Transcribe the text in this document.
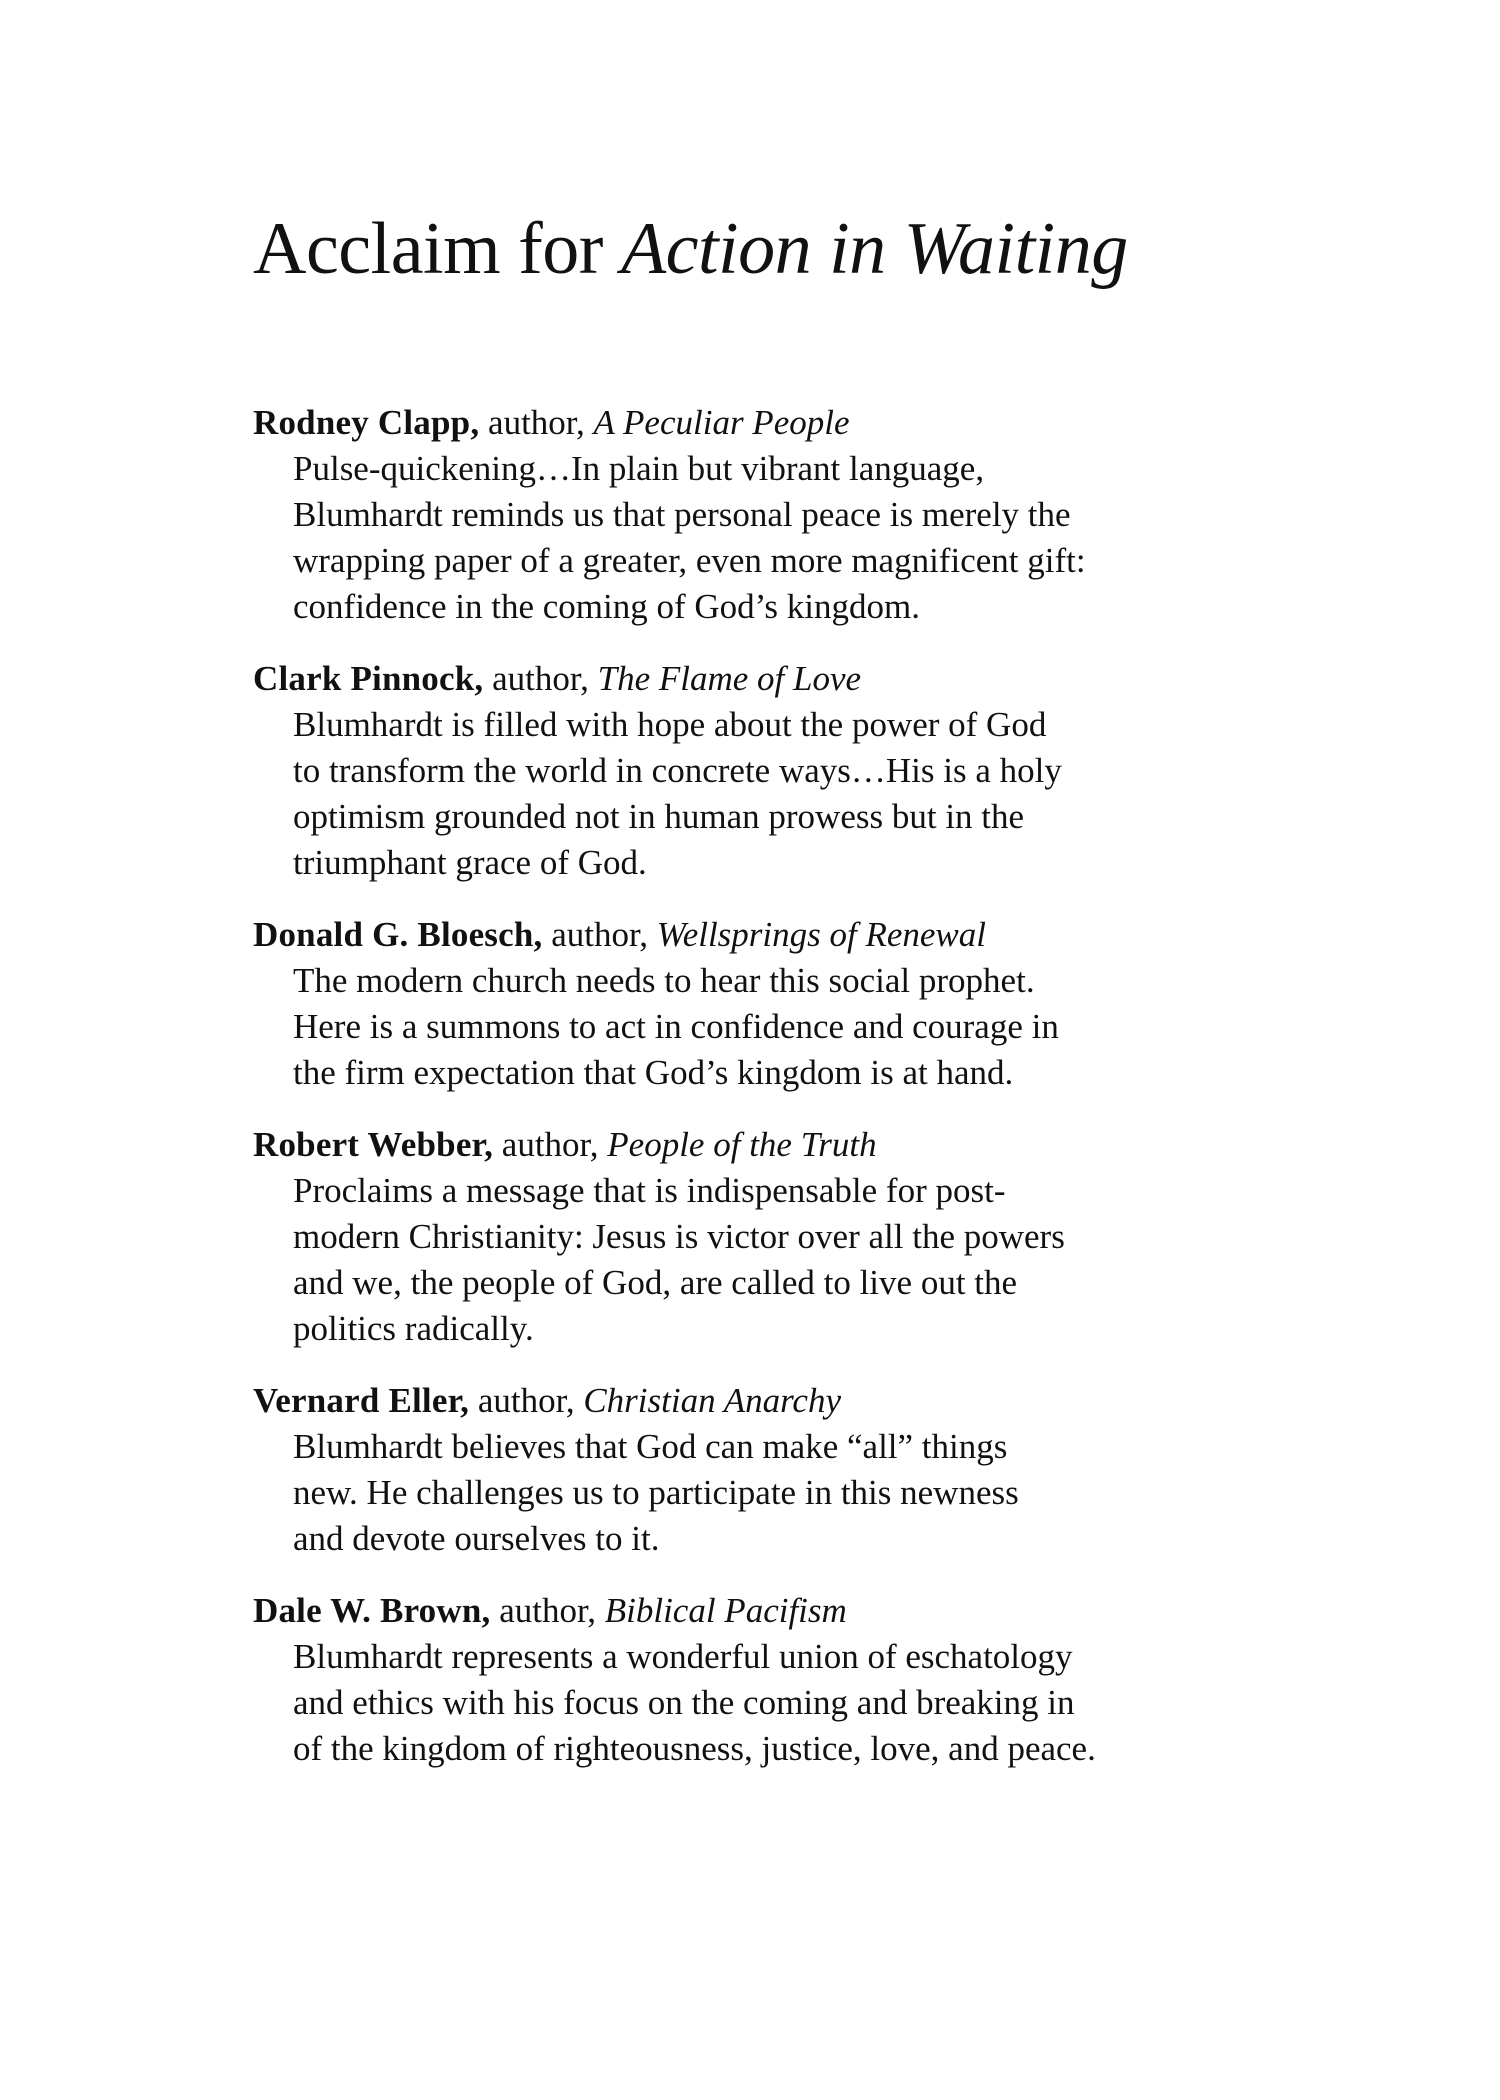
Acclaim for Action in Waiting
Rodney Clapp, author, A Peculiar People

Pulse-quickening…In plain but vibrant language,
Blumhardt reminds us that personal peace is merely the
wrapping paper of a greater, even more magnificent gift:
confidence in the coming of God’s kingdom.

Clark Pinnock, author, The Flame of Love

Blumhardt is filled with hope about the power of God
to transform the world in concrete ways…His is a holy
optimism grounded not in human prowess but in the
triumphant grace of God.

Donald G. Bloesch, author, Wellsprings of Renewal

The modern church needs to hear this social prophet.
Here is a summons to act in confidence and courage in
the firm expectation that God’s kingdom is at hand.

Robert Webber, author, People of the Truth

Proclaims a message that is indispensable for post-
modern Christianity: Jesus is victor over all the powers
and we, the people of God, are called to live out the
politics radically.

Vernard Eller, author, Christian Anarchy

Blumhardt believes that God can make “all” things
new. He challenges us to participate in this newness
and devote ourselves to it.

Dale W. Brown, author, Biblical Pacifism

Blumhardt represents a wonderful union of eschatology
and ethics with his focus on the coming and breaking in
of the kingdom of righteousness, justice, love, and peace.
